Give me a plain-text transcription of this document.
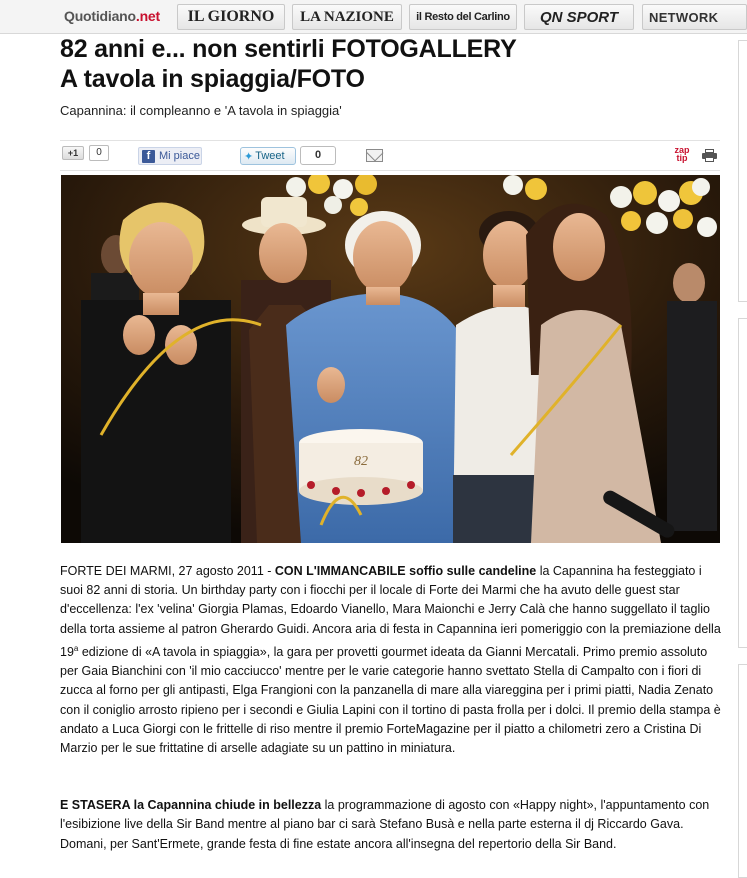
Quotidiano.net	IL GIORNO	LA NAZIONE	il Resto del Carlino	QN SPORT	NETWORK
82 anni e... non sentirli FOTOGALLERY
A tavola in spiaggia/FOTO
Capannina: il compleanno e 'A tavola in spiaggia'
+1	0	f Mi piace	✦ Tweet	0	zap tip
82

FORTE DEI MARMI, 27 agosto 2011 - CON L'IMMANCABILE soffio sulle candeline la Capannina ha festeggiato i suoi 82 anni di storia. Un birthday party con i fiocchi per il locale di Forte dei Marmi che ha avuto delle guest star d'eccellenza: l'ex 'velina' Giorgia Plamas, Edoardo Vianello, Mara Maionchi e Jerry Calà che hanno suggellato il taglio della torta assieme al patron Gherardo Guidi. Ancora aria di festa in Capannina ieri pomeriggio con la premiazione della 19$^a$ edizione di «A tavola in spiaggia», la gara per provetti gourmet ideata da Gianni Mercatali. Primo premio assoluto per Gaia Bianchini con 'il mio cacciucco' mentre per le varie categorie hanno svettato Stella di Campalto con i fiori di zucca al forno per gli antipasti, Elga Frangioni con la panzanella di mare alla viareggina per i primi piatti, Nadia Zenato con il coniglio arrosto ripieno per i secondi e Giulia Lapini con il tortino di pasta frolla per i dolci. Il premio della stampa è andato a Luca Giorgi con le frittelle di riso mentre il premio ForteMagazine per il piatto a chilometri zero a Cristina Di Marzio per le sue frittatine di arselle adagiate su un pattino in miniatura.

E STASERA la Capannina chiude in bellezza la programmazione di agosto con «Happy night», l'appuntamento con l'esibizione live della Sir Band mentre al piano bar ci sarà Stefano Busà e nella parte esterna il dj Riccardo Gava. Domani, per Sant'Ermete, grande festa di fine estate ancora all'insegna del repertorio della Sir Band.
